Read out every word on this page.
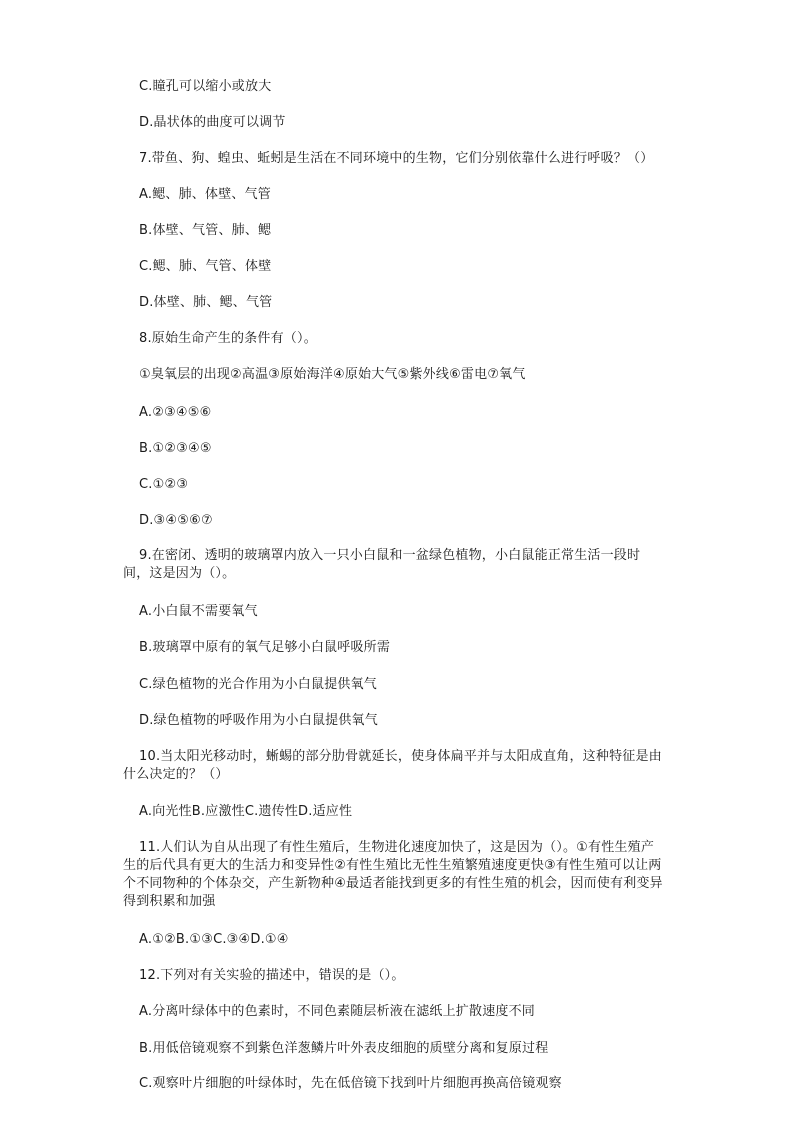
C.瞳孔可以缩小或放大
D.晶状体的曲度可以调节
7.带鱼、狗、蝗虫、蚯蚓是生活在不同环境中的生物，它们分别依靠什么进行呼吸？（）
A.鳃、肺、体壁、气管
B.体壁、气管、肺、鳃
C.鳃、肺、气管、体壁
D.体壁、肺、鳃、气管
8.原始生命产生的条件有（）。
①臭氧层的出现②高温③原始海洋④原始大气⑤紫外线⑥雷电⑦氧气
A.②③④⑤⑥
B.①②③④⑤
C.①②③
D.③④⑤⑥⑦
9.在密闭、透明的玻璃罩内放入一只小白鼠和一盆绿色植物，小白鼠能正常生活一段时间，这是因为（）。
A.小白鼠不需要氧气
B.玻璃罩中原有的氧气足够小白鼠呼吸所需
C.绿色植物的光合作用为小白鼠提供氧气
D.绿色植物的呼吸作用为小白鼠提供氧气
10.当太阳光移动时，蜥蜴的部分肋骨就延长，使身体扁平并与太阳成直角，这种特征是由什么决定的？（）
A.向光性B.应激性C.遗传性D.适应性
11.人们认为自从出现了有性生殖后，生物进化速度加快了，这是因为（）。①有性生殖产生的后代具有更大的生活力和变异性②有性生殖比无性生殖繁殖速度更快③有性生殖可以让两个不同物种的个体杂交，产生新物种④最适者能找到更多的有性生殖的机会，因而使有利变异得到积累和加强
A.①②B.①③C.③④D.①④
12.下列对有关实验的描述中，错误的是（）。
A.分离叶绿体中的色素时，不同色素随层析液在滤纸上扩散速度不同
B.用低倍镜观察不到紫色洋葱鳞片叶外表皮细胞的质壁分离和复原过程
C.观察叶片细胞的叶绿体时，先在低倍镜下找到叶片细胞再换高倍镜观察
